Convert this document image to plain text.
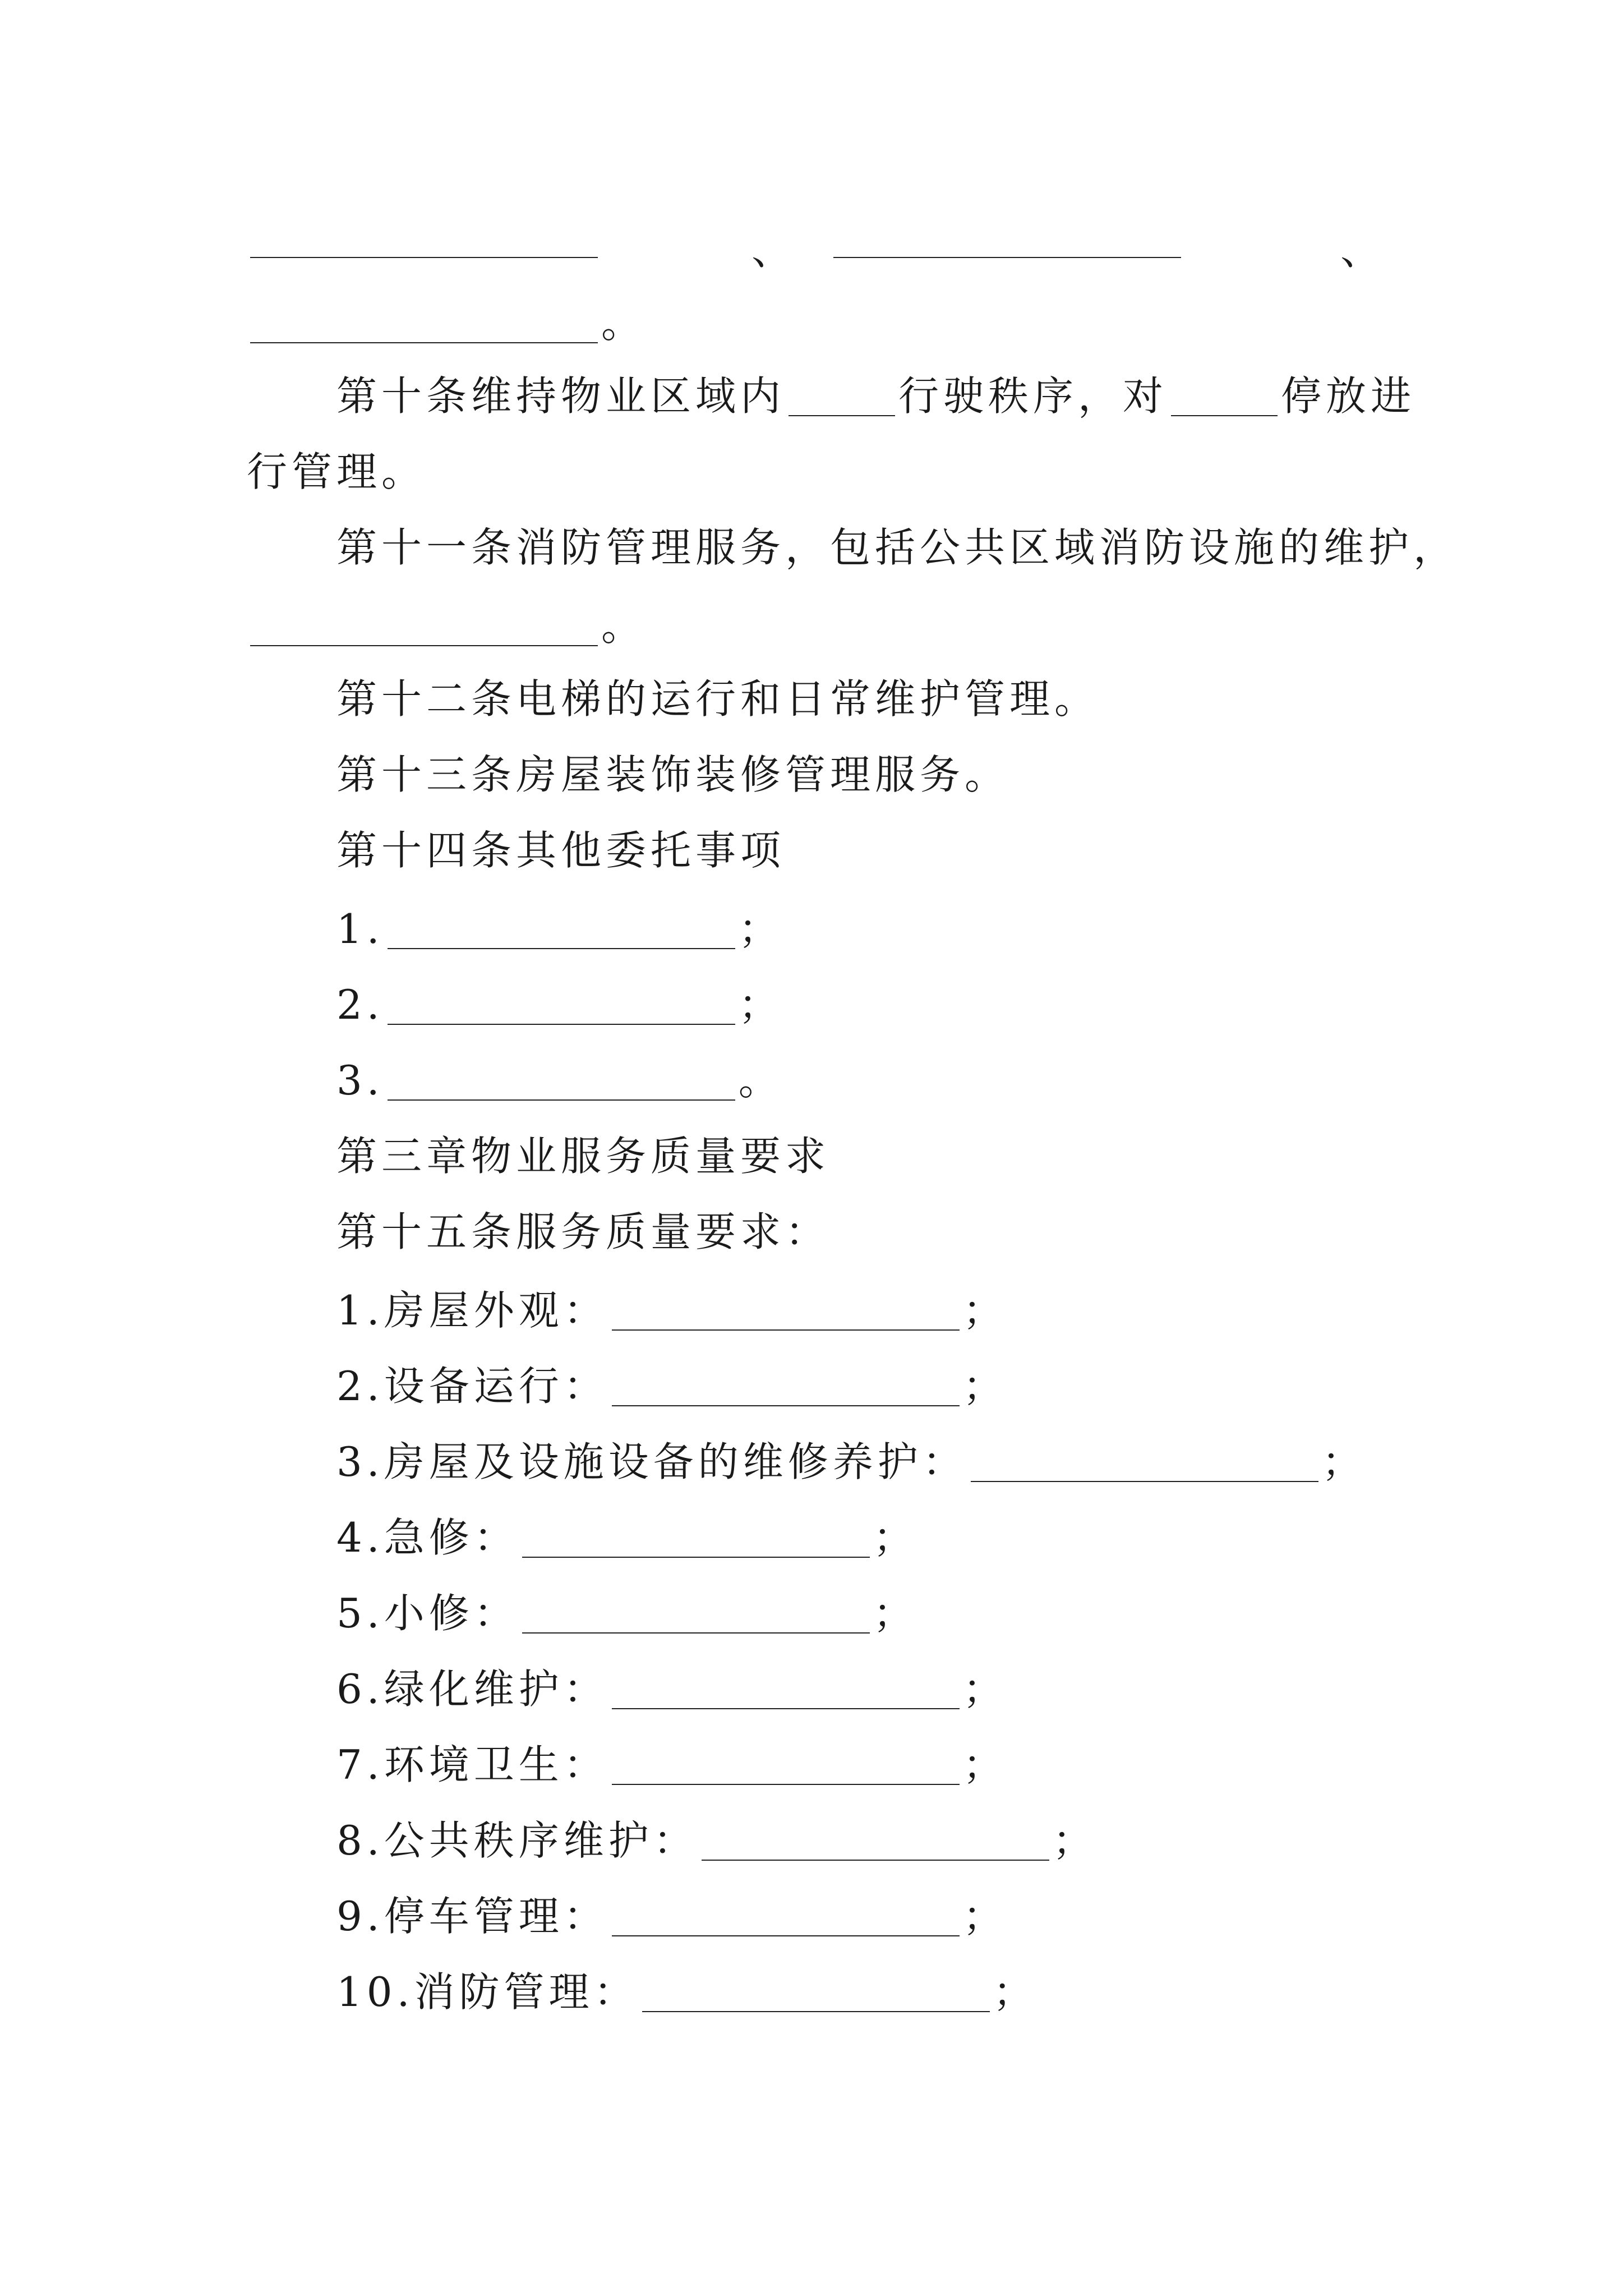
、	、
。
第十条维持物业区域内	行驶秩序，对	停放进
行管理。
第十一条消防管理服务，包括公共区域消防设施的维护，
。
第十二条电梯的运行和日常维护管理。
第十三条房屋装饰装修管理服务。
第十四条其他委托事项
1.	；
2.	；
3.	。
第三章物业服务质量要求
第十五条服务质量要求：
1.房屋外观：	；
2.设备运行：	；
3.房屋及设施设备的维修养护：	；
4.急修：	；
5.小修：	；
6.绿化维护：	；
7.环境卫生：	；
8.公共秩序维护：	；
9.停车管理：	；
10.消防管理：	；
